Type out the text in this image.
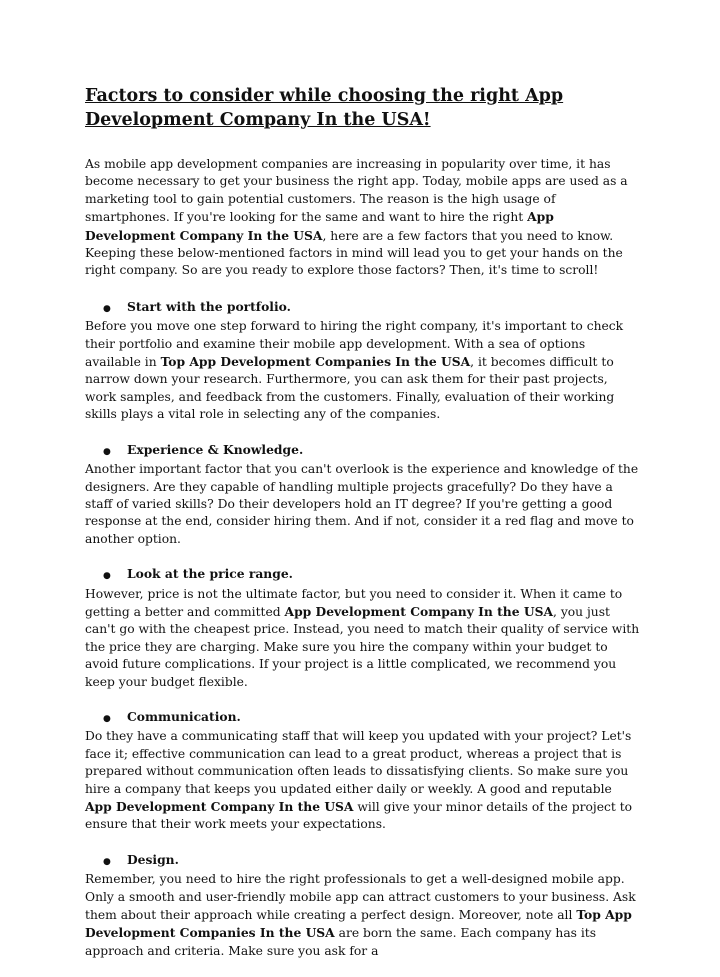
Factors to consider while choosing the right App Development Company In the USA!

As mobile app development companies are increasing in popularity over time, it has become necessary to get your business the right app. Today, mobile apps are used as a marketing tool to gain potential customers. The reason is the high usage of smartphones. If you're looking for the same and want to hire the right App Development Company In the USA, here are a few factors that you need to know. Keeping these below-mentioned factors in mind will lead you to get your hands on the right company. So are you ready to explore those factors? Then, it's time to scroll!

●	Start with the portfolio.

Before you move one step forward to hiring the right company, it's important to check their portfolio and examine their mobile app development. With a sea of options available in Top App Development Companies In the USA, it becomes difficult to narrow down your research. Furthermore, you can ask them for their past projects, work samples, and feedback from the customers. Finally, evaluation of their working skills plays a vital role in selecting any of the companies.

●	Experience & Knowledge.

Another important factor that you can't overlook is the experience and knowledge of the designers. Are they capable of handling multiple projects gracefully? Do they have a staff of varied skills? Do their developers hold an IT degree? If you're getting a good response at the end, consider hiring them. And if not, consider it a red flag and move to another option.

●	Look at the price range.

However, price is not the ultimate factor, but you need to consider it. When it came to getting a better and committed App Development Company In the USA, you just can't go with the cheapest price. Instead, you need to match their quality of service with the price they are charging. Make sure you hire the company within your budget to avoid future complications. If your project is a little complicated, we recommend you keep your budget flexible.

●	Communication.

Do they have a communicating staff that will keep you updated with your project? Let's face it; effective communication can lead to a great product, whereas a project that is prepared without communication often leads to dissatisfying clients. So make sure you hire a company that keeps you updated either daily or weekly. A good and reputable App Development Company In the USA will give your minor details of the project to ensure that their work meets your expectations.

●	Design.

Remember, you need to hire the right professionals to get a well-designed mobile app. Only a smooth and user-friendly mobile app can attract customers to your business. Ask them about their approach while creating a perfect design. Moreover, note all Top App Development Companies In the USA are born the same. Each company has its approach and criteria. Make sure you ask for a
